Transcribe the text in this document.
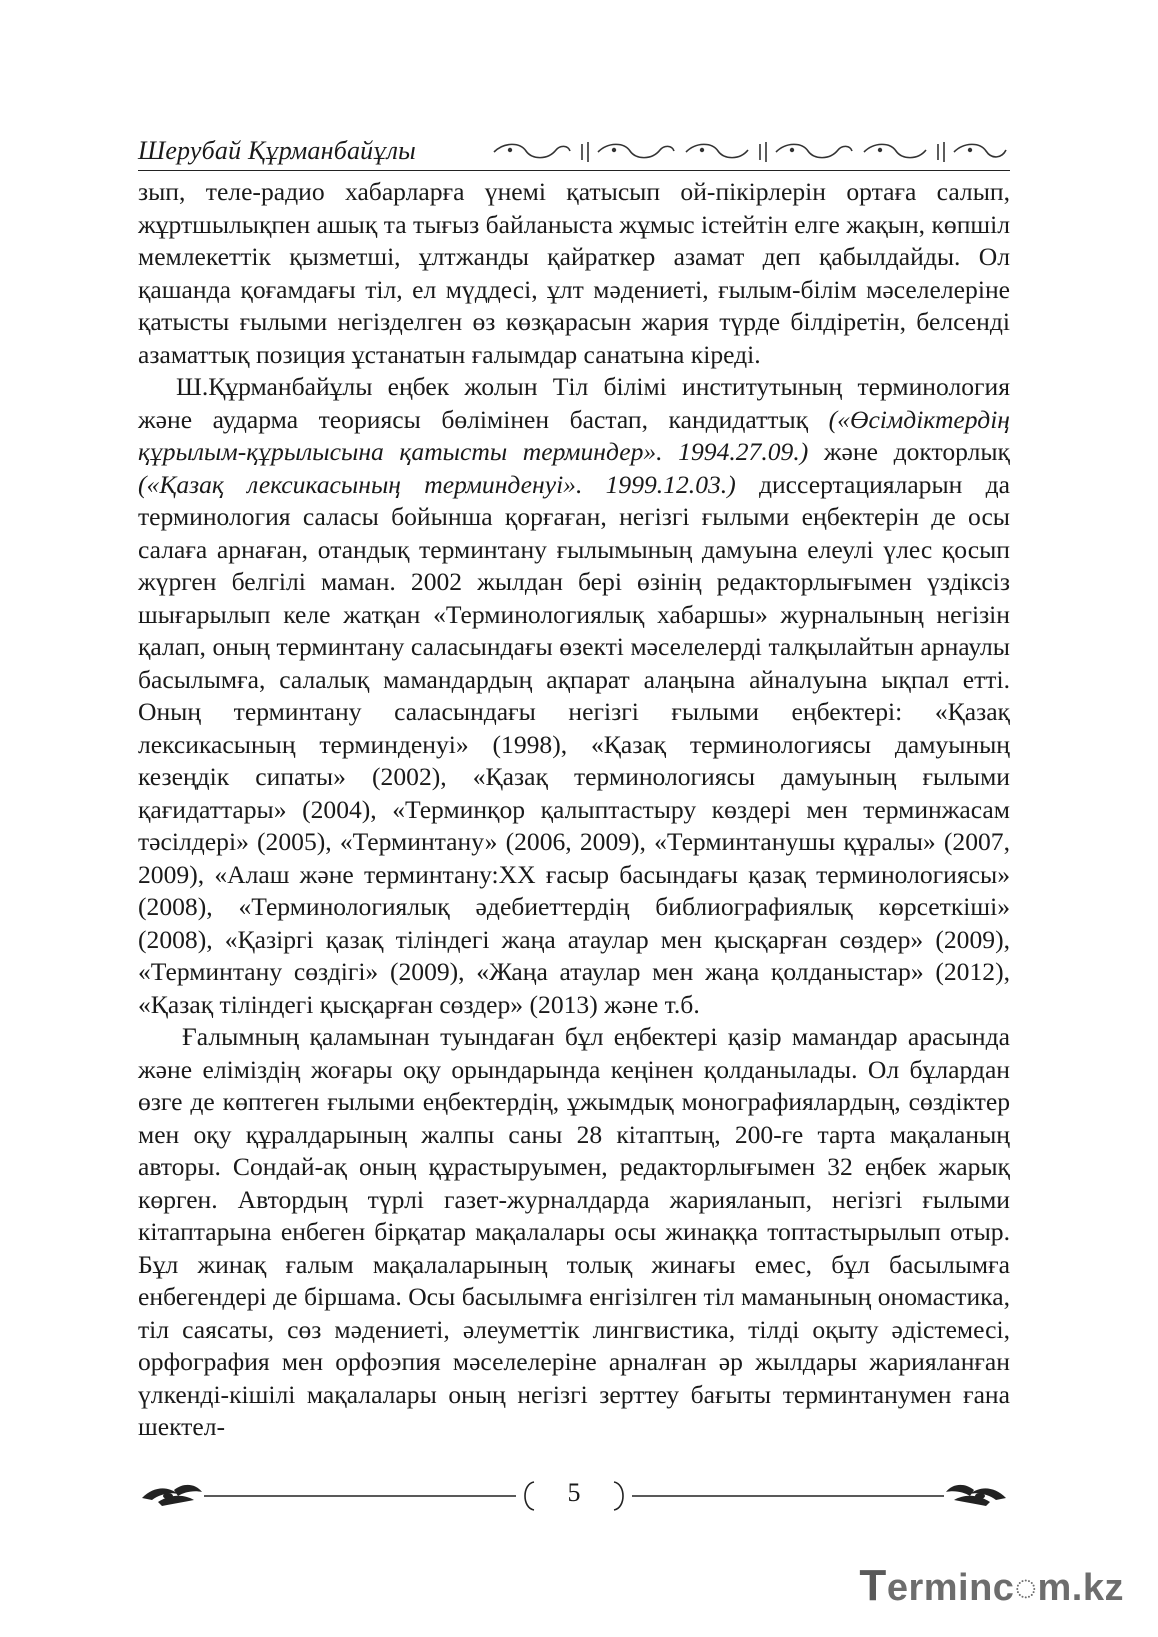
Шерубай Құрманбайұлы

зып, теле-радио хабарларға үнемі қатысып ой-пікірлерін ортаға салып, жұртшылықпен ашық та тығыз байланыста жұмыс істейтін елге жақын, көпшіл мемлекеттік қызметші, ұлтжанды қайраткер азамат деп қабылдайды. Ол қашанда қоғамдағы тіл, ел мүддесі, ұлт мәдениеті, ғылым-білім мәселелеріне қатысты ғылыми негізделген өз көзқарасын жария түрде білдіретін, белсенді азаматтық позиция ұстанатын ғалымдар санатына кіреді.

Ш.Құрманбайұлы еңбек жолын Тіл білімі институтының терминология және аударма теориясы бөлімінен бастап, кандидаттық («Өсімдіктердің құрылым-құрылысына қатысты терминдер». 1994.27.09.) және докторлық («Қазақ лексикасының терминденуі». 1999.12.03.) диссертацияларын да терминология саласы бойынша қорғаған, негізгі ғылыми еңбектерін де осы салаға арнаған, отандық терминтану ғылымының дамуына елеулі үлес қосып жүрген белгілі маман. 2002 жылдан бері өзінің редакторлығымен үздіксіз шығарылып келе жатқан «Терминологиялық хабаршы» журналының негізін қалап, оның терминтану саласындағы өзекті мәселелерді талқылайтын арнаулы басылымға, салалық мамандардың ақпарат алаңына айналуына ықпал етті. Оның терминтану саласындағы негізгі ғылыми еңбектері: «Қазақ лексикасының терминденуі» (1998), «Қазақ терминологиясы дамуының кезеңдік сипаты» (2002), «Қазақ терминологиясы дамуының ғылыми қағидаттары» (2004), «Терминқор қалыптастыру көздері мен терминжасам тәсілдері» (2005), «Терминтану» (2006, 2009), «Терминтанушы құралы» (2007, 2009), «Алаш және терминтану:ХХ ғасыр басындағы қазақ терминологиясы» (2008), «Терминологиялық әдебиеттердің библиографиялық көрсеткіші» (2008), «Қазіргі қазақ тіліндегі жаңа атаулар мен қысқарған сөздер» (2009), «Терминтану сөздігі» (2009), «Жаңа атаулар мен жаңа қолданыстар» (2012), «Қазақ тіліндегі қысқарған сөздер» (2013) және т.б.

Ғалымның қаламынан туындаған бұл еңбектері қазір мамандар арасында және еліміздің жоғары оқу орындарында кеңінен қолданылады. Ол бұлардан өзге де көптеген ғылыми еңбектердің, ұжымдық монографиялардың, сөздіктер мен оқу құралдарының жалпы саны 28 кітаптың, 200-ге тарта мақаланың авторы. Сондай-ақ оның құрастыруымен, редакторлығымен 32 еңбек жарық көрген. Автордың түрлі газет-журналдарда жарияланып, негізгі ғылыми кітаптарына енбеген бірқатар мақалалары осы жинаққа топтастырылып отыр. Бұл жинақ ғалым мақалаларының толық жинағы емес, бұл басылымға енбегендері де біршама. Осы басылымға енгізілген тіл маманының ономастика, тіл саясаты, сөз мәдениеті, әлеуметтік лингвистика, тілді оқыту әдістемесі, орфография мен орфоэпия мәселелеріне арналған әр жылдары жарияланған үлкенді-кішілі мақалалары оның негізгі зерттеу бағыты терминтанумен ғана шектел-

5
Terminc◌m.kz
